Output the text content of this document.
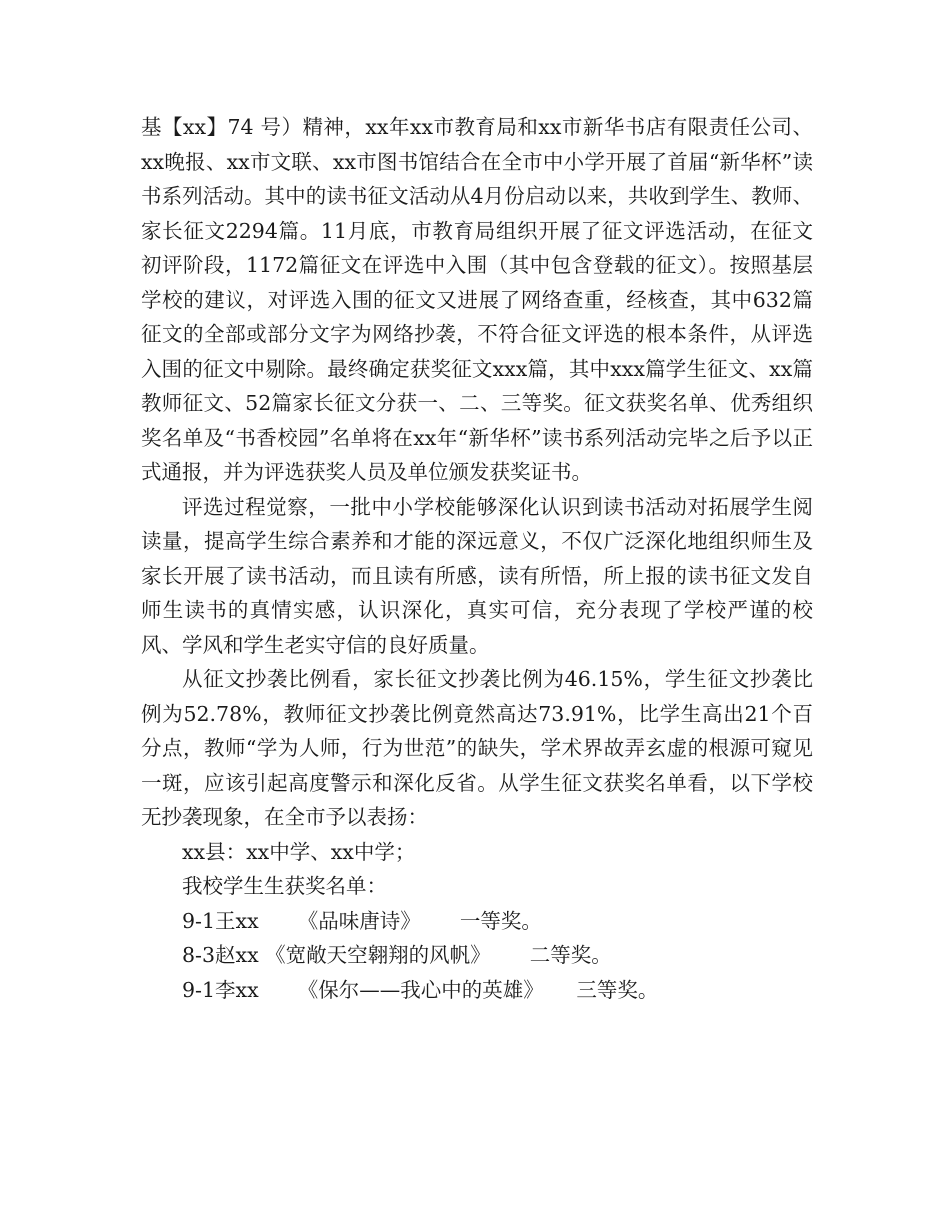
基【xx】74 号）精神，xx年xx市教育局和xx市新华书店有限责任公司、xx晚报、xx市文联、xx市图书馆结合在全市中小学开展了首届“新华杯”读书系列活动。其中的读书征文活动从4月份启动以来，共收到学生、教师、家长征文2294篇。11月底，市教育局组织开展了征文评选活动，在征文初评阶段，1172篇征文在评选中入围（其中包含登载的征文）。按照基层学校的建议，对评选入围的征文又进展了网络查重，经核查，其中632篇征文的全部或部分文字为网络抄袭，不符合征文评选的根本条件，从评选入围的征文中剔除。最终确定获奖征文xxx篇，其中xxx篇学生征文、xx篇教师征文、52篇家长征文分获一、二、三等奖。征文获奖名单、优秀组织奖名单及“书香校园”名单将在xx年“新华杯”读书系列活动完毕之后予以正式通报，并为评选获奖人员及单位颁发获奖证书。

评选过程觉察，一批中小学校能够深化认识到读书活动对拓展学生阅读量，提高学生综合素养和才能的深远意义，不仅广泛深化地组织师生及家长开展了读书活动，而且读有所感，读有所悟，所上报的读书征文发自师生读书的真情实感，认识深化，真实可信，充分表现了学校严谨的校风、学风和学生老实守信的良好质量。

从征文抄袭比例看，家长征文抄袭比例为46.15%，学生征文抄袭比例为52.78%，教师征文抄袭比例竟然高达73.91%，比学生高出21个百分点，教师“学为人师，行为世范”的缺失，学术界故弄玄虚的根源可窥见一斑，应该引起高度警示和深化反省。从学生征文获奖名单看，以下学校无抄袭现象，在全市予以表扬：

xx县：xx中学、xx中学；

我校学生生获奖名单：

9-1王xx      《品味唐诗》      一等奖。

8-3赵xx 《宽敞天空翱翔的风帆》      二等奖。

9-1李xx      《保尔——我心中的英雄》     三等奖。
